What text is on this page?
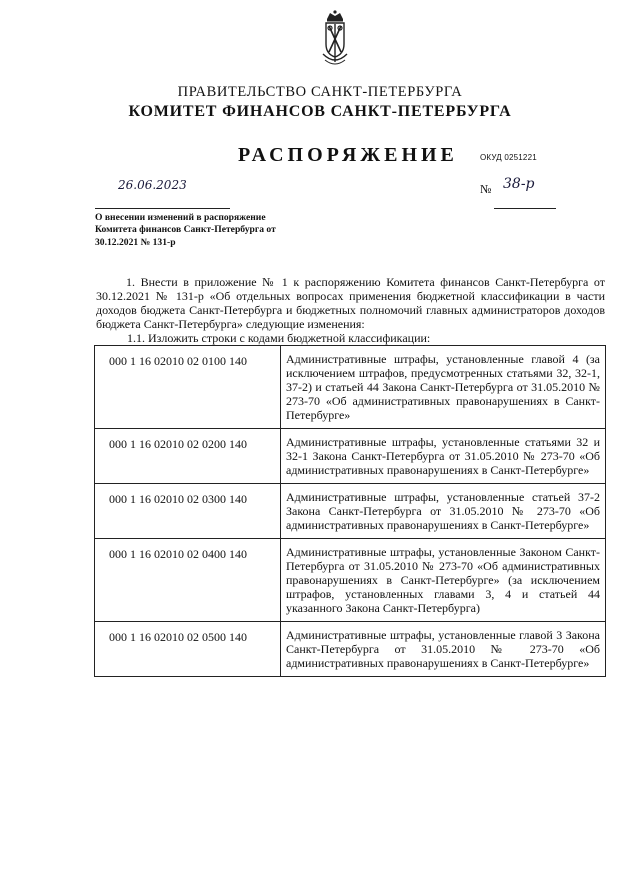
ПРАВИТЕЛЬСТВО САНКТ-ПЕТЕРБУРГА
КОМИТЕТ ФИНАНСОВ САНКТ-ПЕТЕРБУРГА
РАСПОРЯЖЕНИЕ	ОКУД 0251221
26.06.2023	№ 38-р
О внесении изменений в распоряжение Комитета финансов Санкт-Петербурга от 30.12.2021 № 131-р

1. Внести в приложение № 1 к распоряжению Комитета финансов Санкт-Петербурга от 30.12.2021 № 131-р «Об отдельных вопросах применения бюджетной классификации в части доходов бюджета Санкт-Петербурга и бюджетных полномочий главных администраторов доходов бюджета Санкт-Петербурга» следующие изменения:

1.1. Изложить строки с кодами бюджетной классификации:
000 1 16 02010 02 0100 140	Административные штрафы, установленные главой 4 (за исключением штрафов, предусмотренных статьями 32, 32-1, 37-2) и статьей 44 Закона Санкт-Петербурга от 31.05.2010 № 273-70 «Об административных правонарушениях в Санкт-Петербурге»
000 1 16 02010 02 0200 140	Административные штрафы, установленные статьями 32 и 32-1 Закона Санкт-Петербурга от 31.05.2010 № 273-70 «Об административных правонарушениях в Санкт-Петербурге»
000 1 16 02010 02 0300 140	Административные штрафы, установленные статьей 37-2 Закона Санкт-Петербурга от 31.05.2010 № 273-70 «Об административных правонарушениях в Санкт-Петербурге»
000 1 16 02010 02 0400 140	Административные штрафы, установленные Законом Санкт-Петербурга от 31.05.2010 № 273-70 «Об административных правонарушениях в Санкт-Петербурге» (за исключением штрафов, установленных главами 3, 4 и статьей 44 указанного Закона Санкт-Петербурга)
000 1 16 02010 02 0500 140	Административные штрафы, установленные главой 3 Закона Санкт-Петербурга от 31.05.2010 № 273-70 «Об административных правонарушениях в Санкт-Петербурге»
